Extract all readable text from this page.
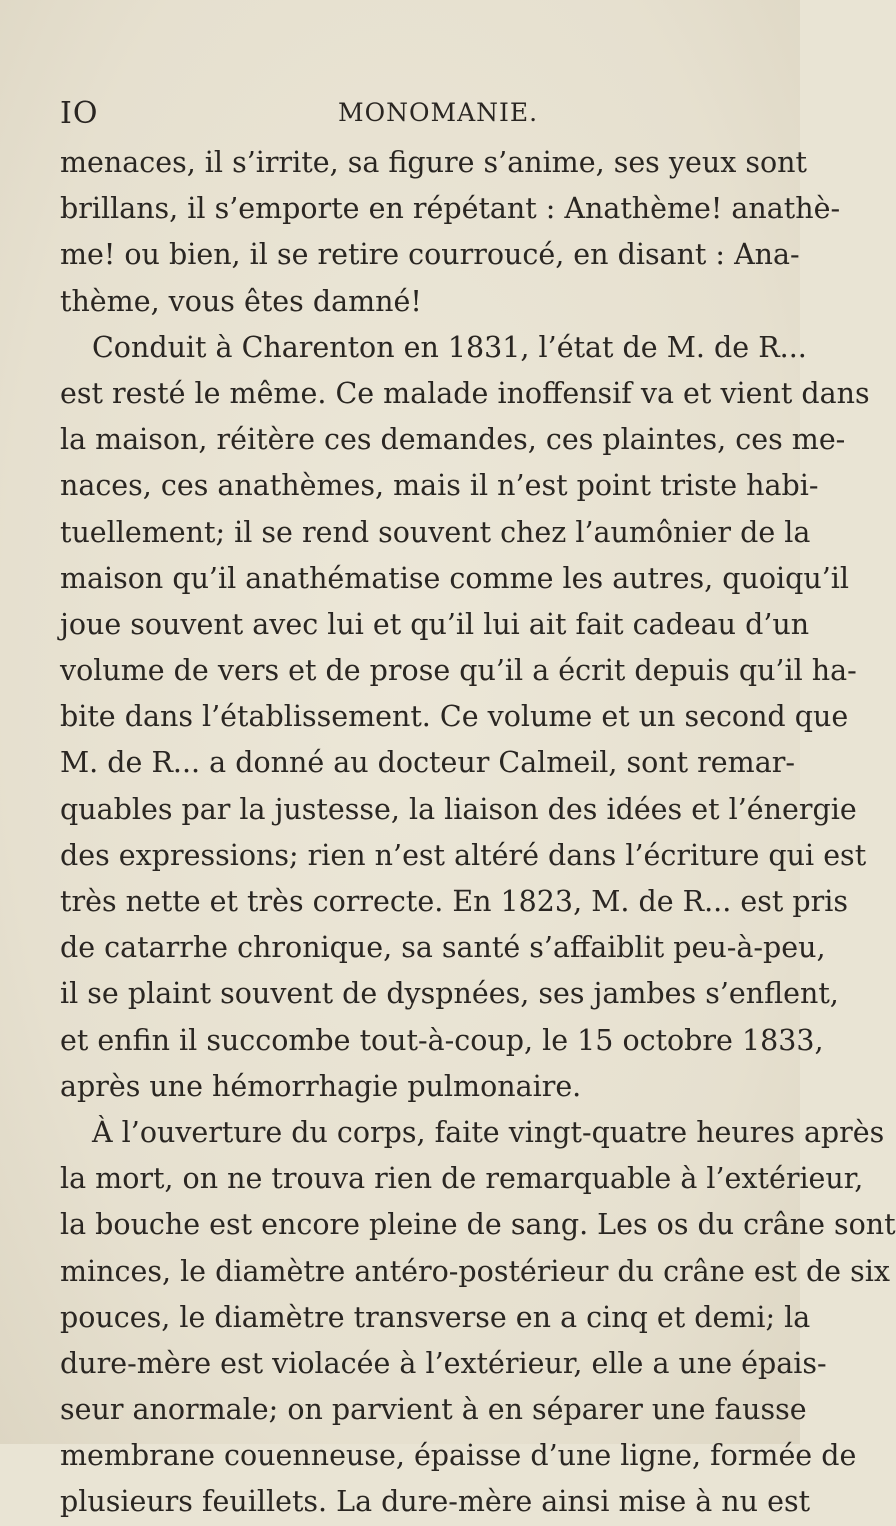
IO	MONOMANIE.
menaces, il s’irrite, sa figure s’anime, ses yeux sont
brillans, il s’emporte en répétant : Anathème! anathè-
me! ou bien, il se retire courroucé, en disant : Ana-
thème, vous êtes damné!
Conduit à Charenton en 1831, l’état de M. de R...
est resté le même. Ce malade inoffensif va et vient dans
la maison, réitère ces demandes, ces plaintes, ces me-
naces, ces anathèmes, mais il n’est point triste habi-
tuellement; il se rend souvent chez l’aumônier de la
maison qu’il anathématise comme les autres, quoiqu’il
joue souvent avec lui et qu’il lui ait fait cadeau d’un
volume de vers et de prose qu’il a écrit depuis qu’il ha-
bite dans l’établissement. Ce volume et un second que
M. de R... a donné au docteur Calmeil, sont remar-
quables par la justesse, la liaison des idées et l’énergie
des expressions; rien n’est altéré dans l’écriture qui est
très nette et très correcte. En 1823, M. de R... est pris
de catarrhe chronique, sa santé s’affaiblit peu-à-peu,
il se plaint souvent de dyspnées, ses jambes s’enflent,
et enfin il succombe tout-à-coup, le 15 octobre 1833,
après une hémorrhagie pulmonaire.
À l’ouverture du corps, faite vingt-quatre heures après
la mort, on ne trouva rien de remarquable à l’extérieur,
la bouche est encore pleine de sang. Les os du crâne sont
minces, le diamètre antéro-postérieur du crâne est de six
pouces, le diamètre transverse en a cinq et demi; la
dure-mère est violacée à l’extérieur, elle a une épais-
seur anormale; on parvient à en séparer une fausse
membrane couenneuse, épaisse d’une ligne, formée de
plusieurs feuillets. La dure-mère ainsi mise à nu est
